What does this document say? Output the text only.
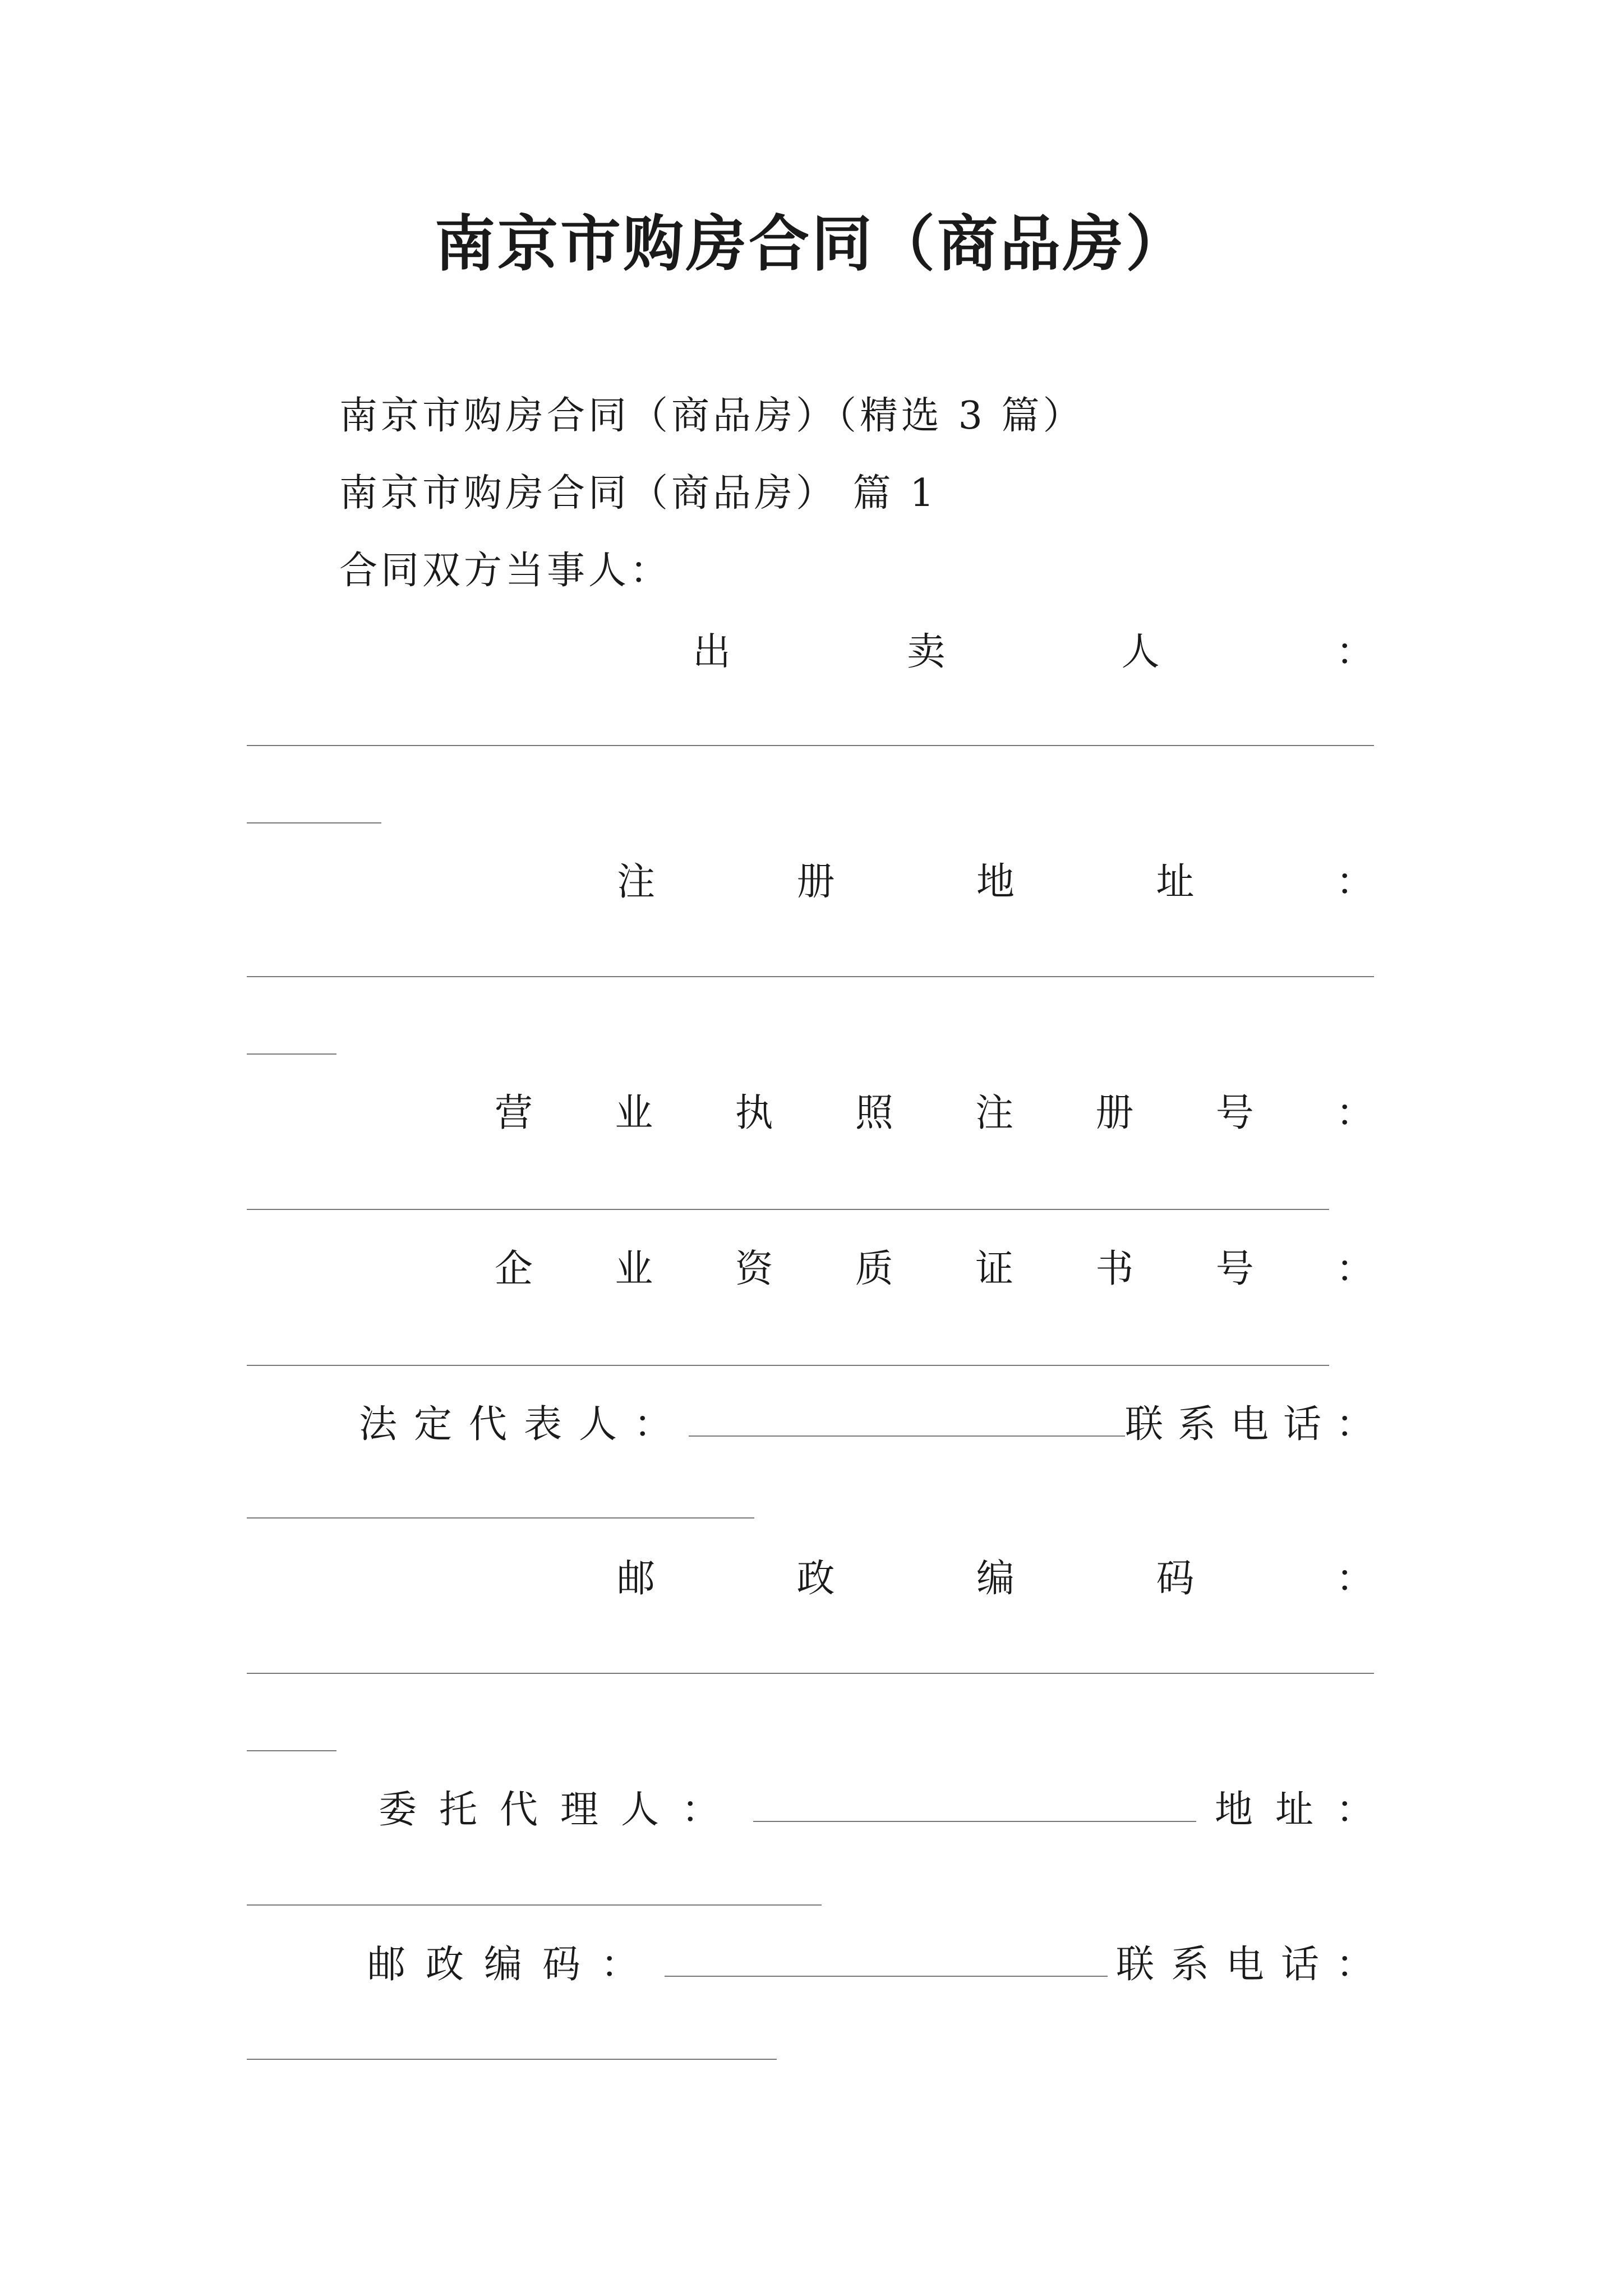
南京市购房合同（商品房）
南京市购房合同（商品房）（精选 3 篇）
南京市购房合同（商品房） 篇 1
合同双方当事人：
出	卖	人	：
注	册	地	址	：
营 业 执 照 注 册 号 ：
企 业 资 质 证 书 号 ：
法定代表人：	联系电话：
邮	政	编	码	：
委托代理人：	地址：
邮政编码：	联系电话：
